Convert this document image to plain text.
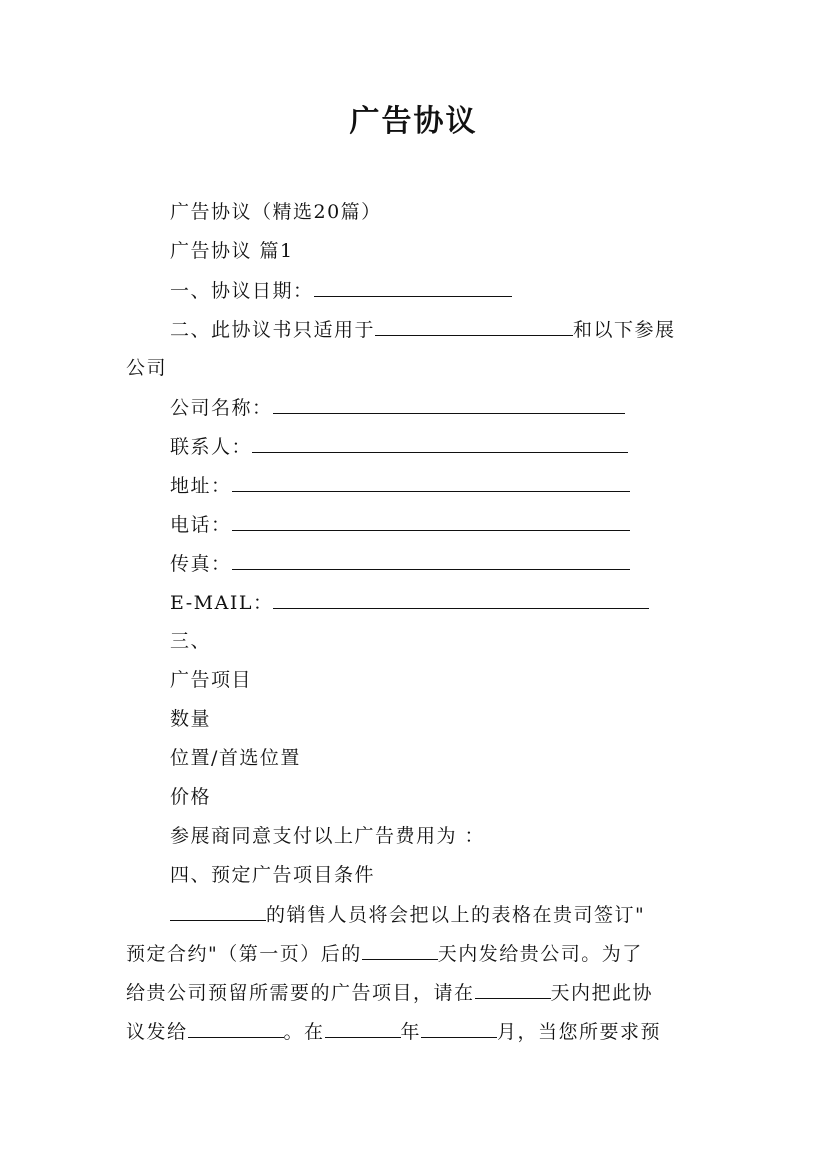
广告协议
广告协议（精选20篇）
广告协议 篇1
一、协议日期：
二、此协议书只适用于	和以下参展
公司
公司名称：
联系人：
地址：
电话：
传真：
E-MAIL：
三、
广告项目
数量
位置/首选位置
价格
参展商同意支付以上广告费用为 ：
四、预定广告项目条件
的销售人员将会把以上的表格在贵司签订"
预定合约"（第一页）后的	天内发给贵公司。为了
给贵公司预留所需要的广告项目，请在	天内把此协
议发给	。在	年	月，当您所要求预
